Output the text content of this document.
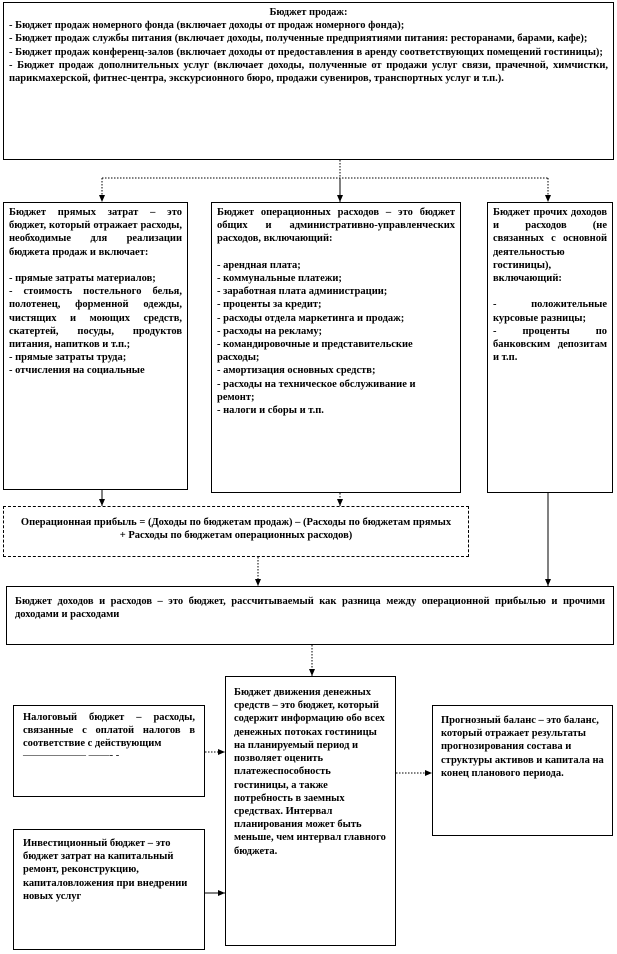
Бюджет продаж:
- Бюджет продаж номерного фонда (включает доходы от продаж номерного фонда);
- Бюджет продаж службы питания (включает доходы, полученные предприятиями питания: ресторанами, барами, кафе);
- Бюджет продаж конференц-залов (включает доходы от предоставления в аренду соответствующих помещений гостиницы);
- Бюджет продаж дополнительных услуг (включает доходы, полученные от продажи услуг связи, прачечной, химчистки, парикмахерской, фитнес-центра, экскурсионного бюро, продажи сувениров, транспортных услуг и т.п.).

Бюджет прямых затрат – это бюджет, который отражает расходы, необходимые для реализации бюджета продаж и включает:

- прямые затраты материалов;
- стоимость постельного белья, полотенец, форменной одежды, чистящих и моющих средств, скатертей, посуды, продуктов питания, напитков и т.п.;
- прямые затраты труда;
- отчисления на социальные

Бюджет операционных расходов – это бюджет общих и административно-управленческих расходов, включающий:

- арендная плата;
- коммунальные платежи;
- заработная плата администрации;
- проценты за кредит;
- расходы отдела маркетинга и продаж;
- расходы на рекламу;
- командировочные и представительские расходы;
- амортизация основных средств;
- расходы на техническое обслуживание и ремонт;
- налоги и сборы и т.п.

Бюджет прочих доходов и расходов (не связанных с основной деятельностью гостиницы), включающий:

- положительные курсовые разницы;
- проценты по банковским депозитам и т.п.

Операционная прибыль = (Доходы по бюджетам продаж) – (Расходы по бюджетам прямых + Расходы по бюджетам операционных расходов)

Бюджет доходов и расходов – это бюджет, рассчитываемый как разница между операционной прибылью и прочими доходами и расходами

Налоговый бюджет – расходы, связанные с оплатой налогов в соответствие с действующим

—————— ——- -

Инвестиционный бюджет – это бюджет затрат на капитальный ремонт, реконструкцию, капиталовложения при внедрении новых услуг

Бюджет движения денежных средств – это бюджет, который содержит информацию обо всех денежных потоках гостиницы на планируемый период и позволяет оценить платежеспособность гостиницы, а также потребность в заемных средствах. Интервал планирования может быть меньше, чем интервал главного бюджета.

Прогнозный баланс – это баланс, который отражает результаты прогнозирования состава и структуры активов и капитала на конец планового периода.
